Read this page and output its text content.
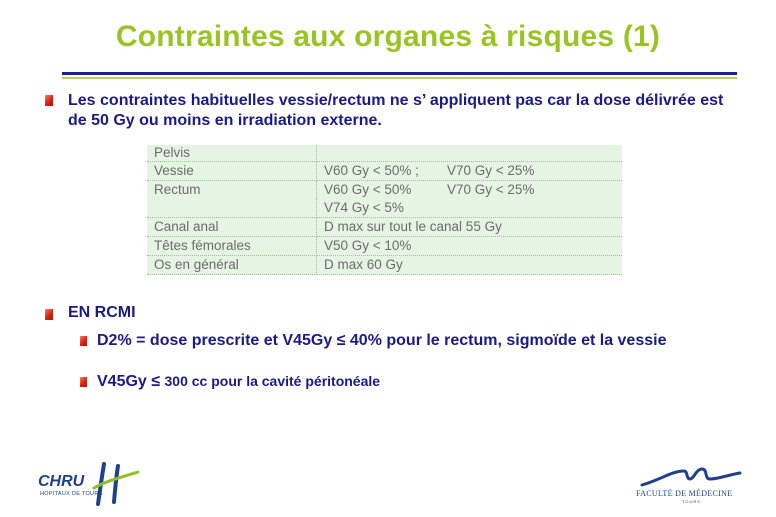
Contraintes aux organes à risques (1)
Les contraintes habituelles vessie/rectum ne s’ appliquent pas car la dose délivrée est de 50 Gy ou moins en irradiation externe.
Pelvis	
Vessie	V60 Gy < 50% ; V70 Gy < 25%
Rectum	V60 Gy < 50% V70 Gy < 25%
	V74 Gy < 5%
Canal anal	D max sur tout le canal 55 Gy
Têtes fémorales	V50 Gy < 10%
Os en général	D max 60 Gy
EN RCMI
D2% = dose prescrite et V45Gy ≤ 40% pour le rectum, sigmoïde et la vessie
V45Gy ≤ 300 cc pour la cavité péritonéale
CHRU
HOPITAUX DE TOURS	FACULTÉ DE MÉDECINE
TOURS
